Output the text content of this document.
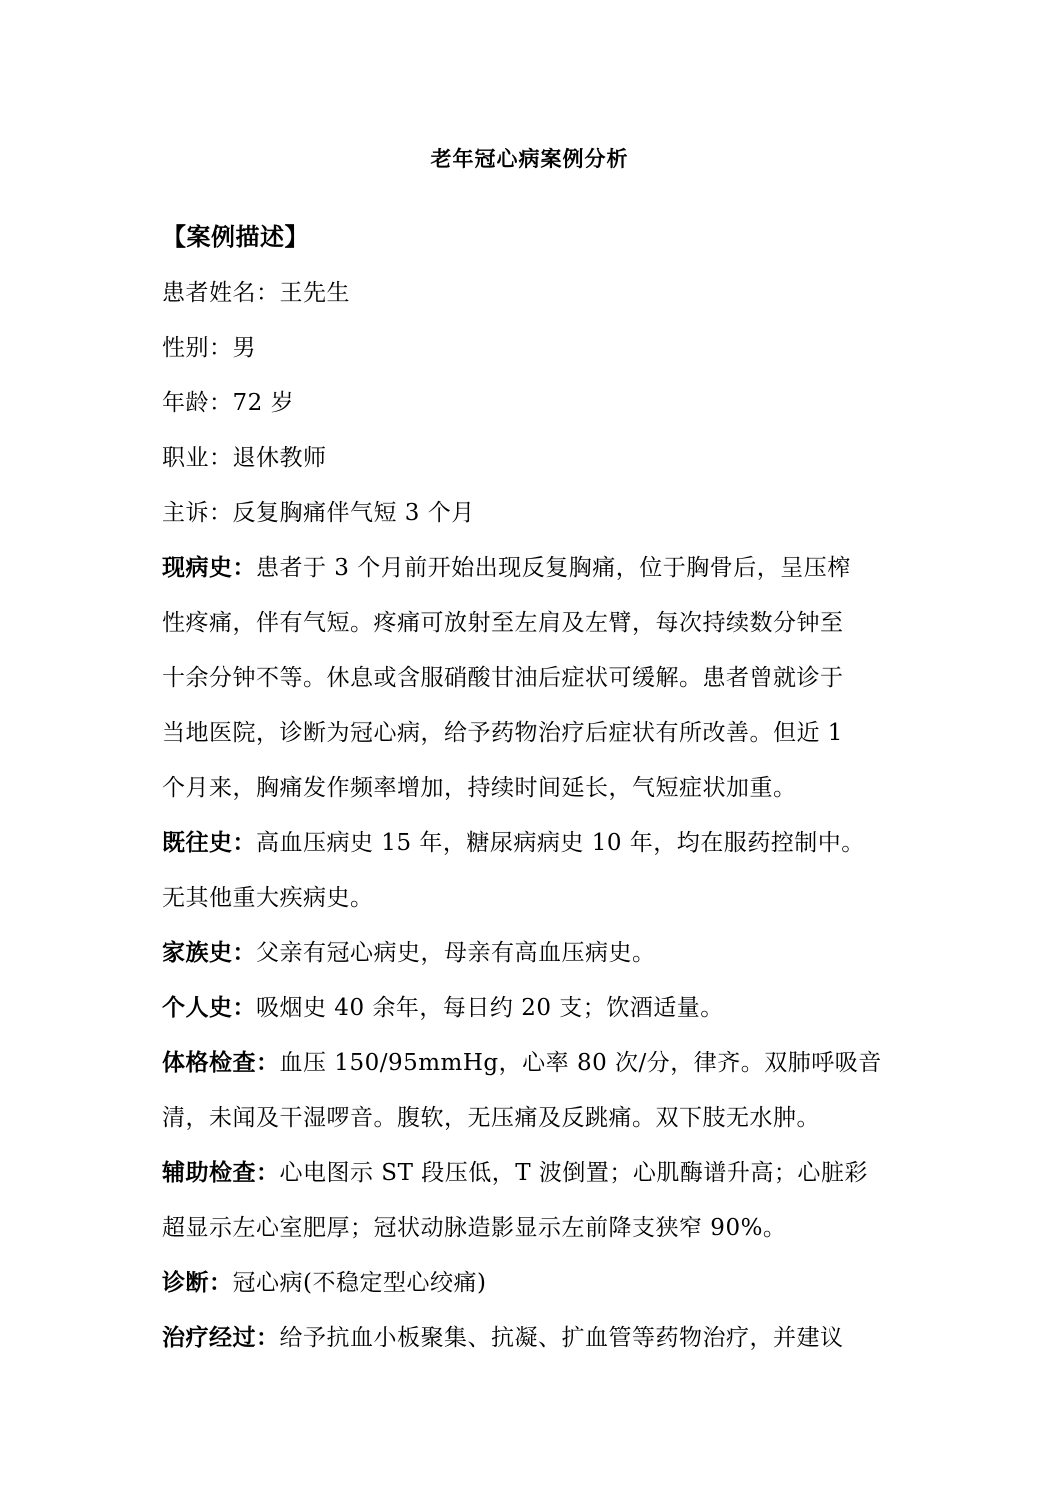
老年冠心病案例分析
【案例描述】
患者姓名：王先生
性别：男
年龄：72 岁
职业：退休教师
主诉：反复胸痛伴气短 3 个月
现病史：患者于 3 个月前开始出现反复胸痛，位于胸骨后，呈压榨
性疼痛，伴有气短。疼痛可放射至左肩及左臂，每次持续数分钟至
十余分钟不等。休息或含服硝酸甘油后症状可缓解。患者曾就诊于
当地医院，诊断为冠心病，给予药物治疗后症状有所改善。但近 1
个月来，胸痛发作频率增加，持续时间延长，气短症状加重。
既往史：高血压病史 15 年，糖尿病病史 10 年，均在服药控制中。
无其他重大疾病史。
家族史：父亲有冠心病史，母亲有高血压病史。
个人史：吸烟史 40 余年，每日约 20 支；饮酒适量。
体格检查：血压 150/95mmHg，心率 80 次/分，律齐。双肺呼吸音
清，未闻及干湿啰音。腹软，无压痛及反跳痛。双下肢无水肿。
辅助检查：心电图示 ST 段压低，T 波倒置；心肌酶谱升高；心脏彩
超显示左心室肥厚；冠状动脉造影显示左前降支狭窄 90%。
诊断：冠心病(不稳定型心绞痛)
治疗经过：给予抗血小板聚集、抗凝、扩血管等药物治疗，并建议
